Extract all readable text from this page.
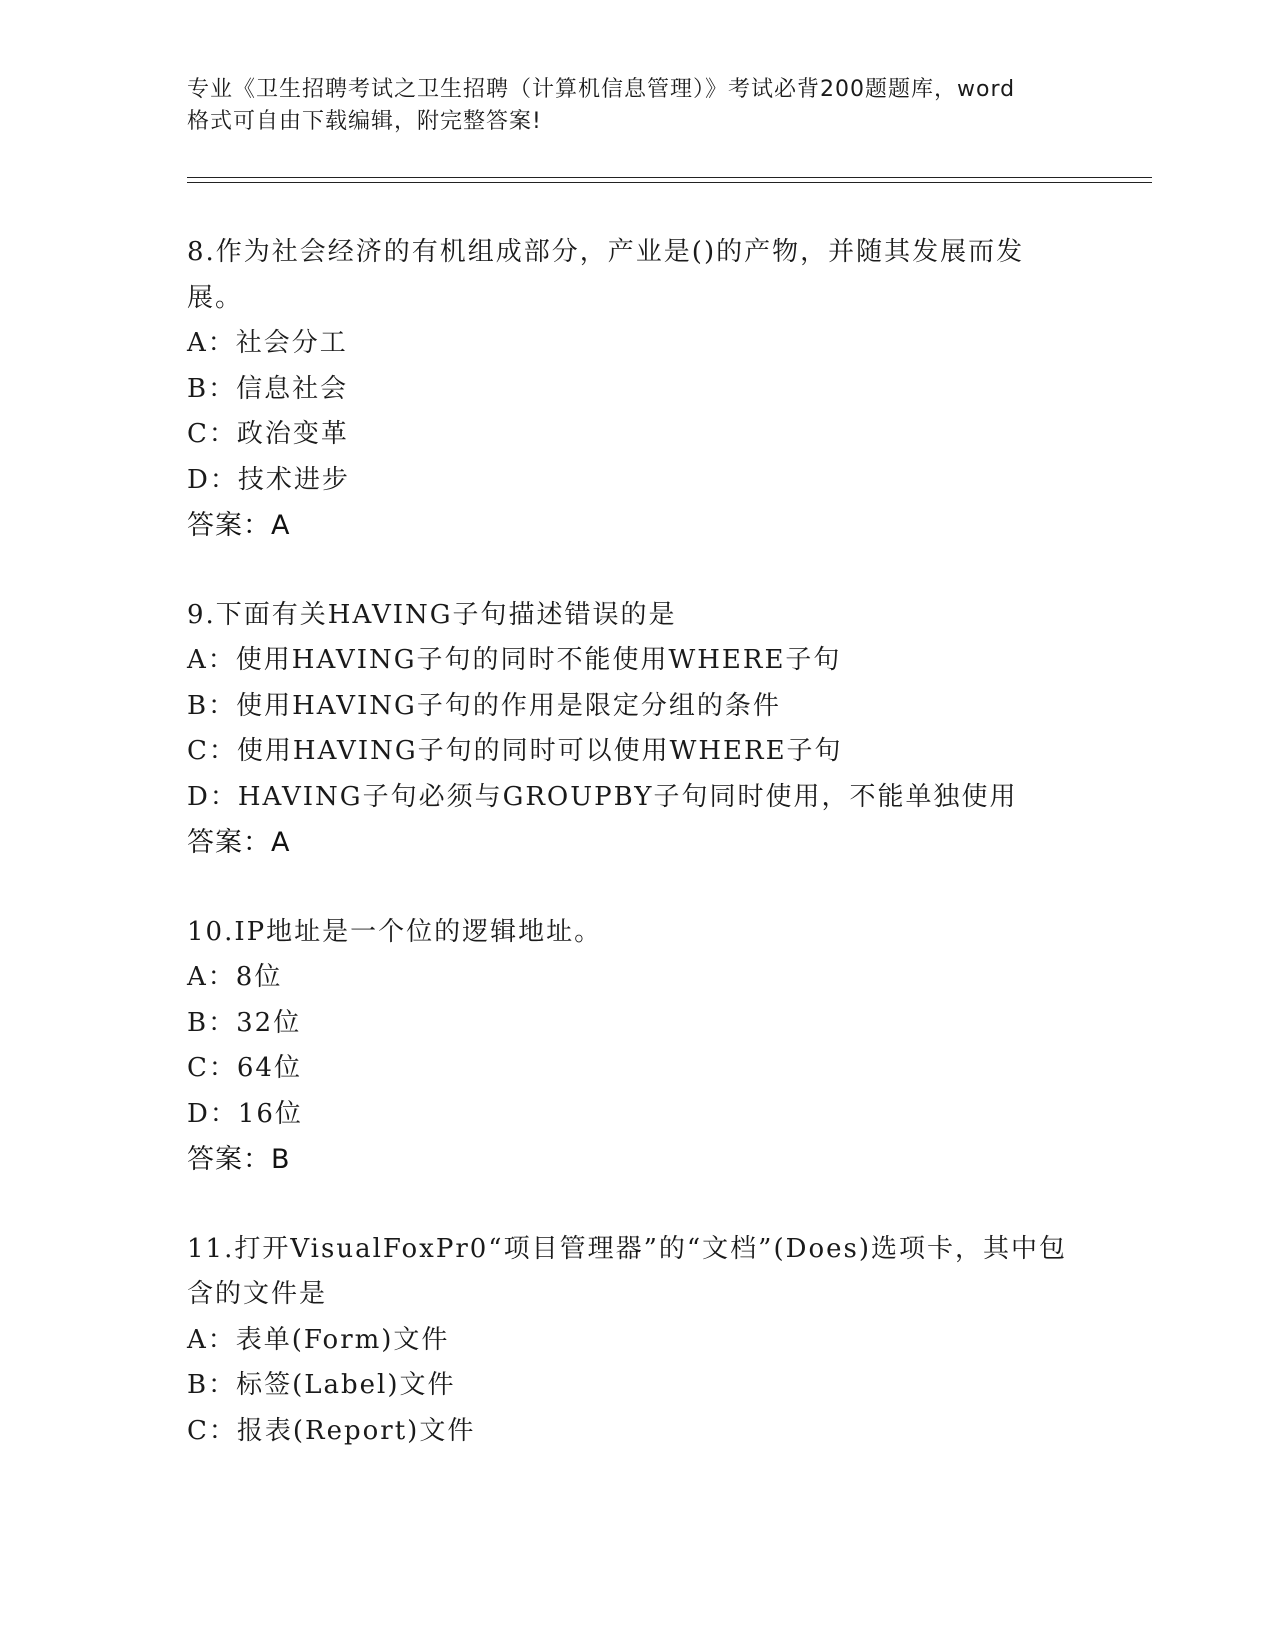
专业《卫生招聘考试之卫生招聘（计算机信息管理）》考试必背200题题库，word
格式可自由下载编辑，附完整答案!
8.作为社会经济的有机组成部分，产业是()的产物，并随其发展而发展。
A：社会分工
B：信息社会
C：政治变革
D：技术进步
答案：A
9.下面有关HAVING子句描述错误的是
A：使用HAVING子句的同时不能使用WHERE子句
B：使用HAVING子句的作用是限定分组的条件
C：使用HAVING子句的同时可以使用WHERE子句
D：HAVING子句必须与GROUPBY子句同时使用，不能单独使用
答案：A
10.IP地址是一个位的逻辑地址。
A：8位
B：32位
C：64位
D：16位
答案：B
11.打开VisualFoxPr0“项目管理器”的“文档”(Does)选项卡，其中包含的文件是
A：表单(Form)文件
B：标签(Label)文件
C：报表(Report)文件
